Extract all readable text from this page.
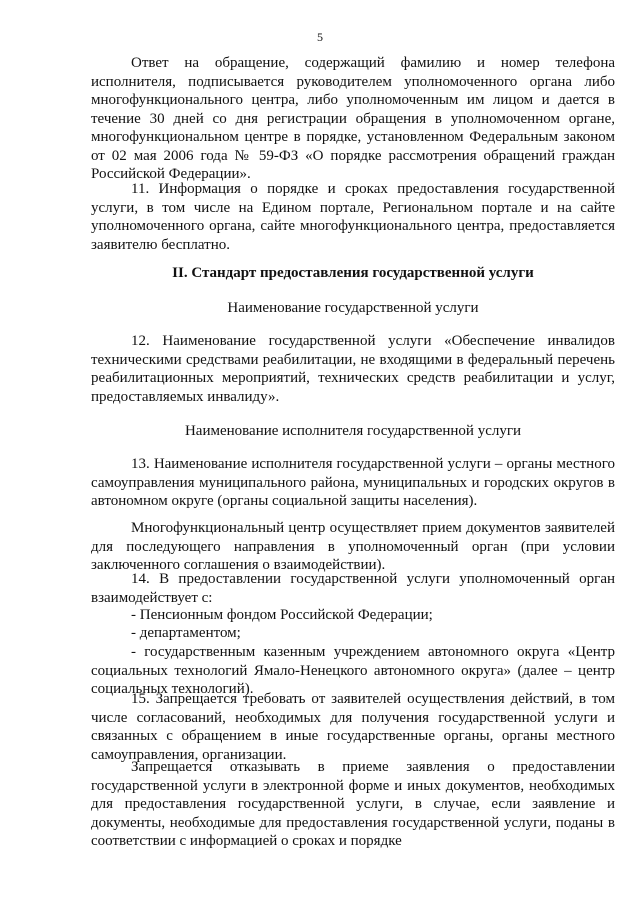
5

Ответ на обращение, содержащий фамилию и номер телефона исполнителя, подписывается руководителем уполномоченного органа либо многофункционального центра, либо уполномоченным им лицом и дается в течение 30 дней со дня регистрации обращения в уполномоченном органе, многофункциональном центре в порядке, установленном Федеральным законом от 02 мая 2006 года № 59-ФЗ «О порядке рассмотрения обращений граждан Российской Федерации».

11. Информация о порядке и сроках предоставления государственной услуги, в том числе на Едином портале, Региональном портале и на сайте уполномоченного органа, сайте многофункционального центра, предоставляется заявителю бесплатно.

II. Стандарт предоставления государственной услуги

Наименование государственной услуги

12. Наименование государственной услуги «Обеспечение инвалидов техническими средствами реабилитации, не входящими в федеральный перечень реабилитационных мероприятий, технических средств реабилитации и услуг, предоставляемых инвалиду».

Наименование исполнителя государственной услуги

13. Наименование исполнителя государственной услуги – органы местного самоуправления муниципального района, муниципальных и городских округов в автономном округе (органы социальной защиты населения).

Многофункциональный центр осуществляет прием документов заявителей для последующего направления в уполномоченный орган (при условии заключенного соглашения о взаимодействии).

14. В предоставлении государственной услуги уполномоченный орган взаимодействует с:

- Пенсионным фондом Российской Федерации;

- департаментом;

- государственным казенным учреждением автономного округа «Центр социальных технологий Ямало-Ненецкого автономного округа» (далее – центр социальных технологий).

15. Запрещается требовать от заявителей осуществления действий, в том числе согласований, необходимых для получения государственной услуги и связанных с обращением в иные государственные органы, органы местного самоуправления, организации.

Запрещается отказывать в приеме заявления о предоставлении государственной услуги в электронной форме и иных документов, необходимых для предоставления государственной услуги, в случае, если заявление и документы, необходимые для предоставления государственной услуги, поданы в соответствии с информацией о сроках и порядке
